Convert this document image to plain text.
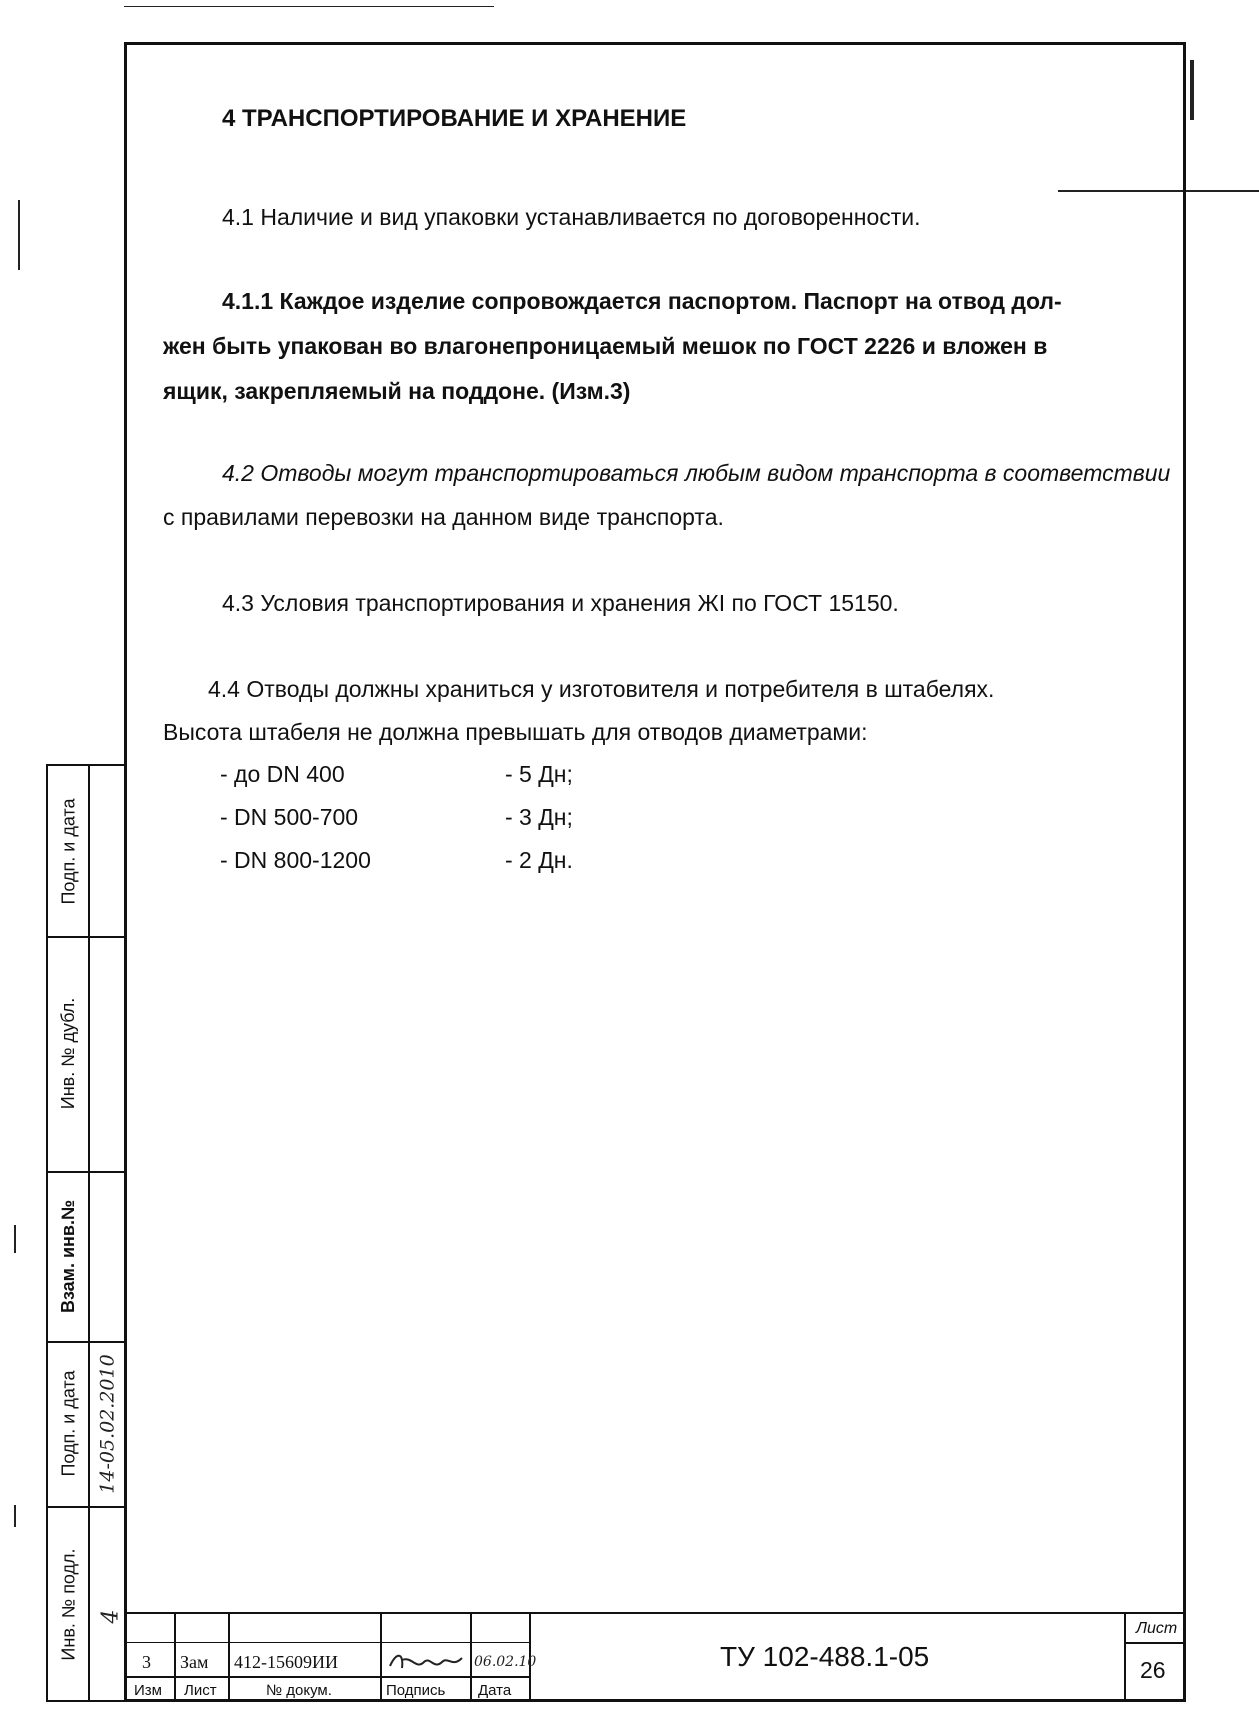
4 ТРАНСПОРТИРОВАНИЕ И ХРАНЕНИЕ
4.1 Наличие и вид упаковки устанавливается по договоренности.
4.1.1 Каждое изделие сопровождается паспортом. Паспорт на отвод дол-
жен быть упакован во влагонепроницаемый мешок по ГОСТ 2226 и вложен в
ящик, закрепляемый на поддоне. (Изм.3)
4.2 Отводы могут транспортироваться любым видом транспорта в соответствии
с правилами перевозки на данном виде транспорта.
4.3 Условия транспортирования и хранения ЖI по ГОСТ 15150.
4.4 Отводы должны храниться у изготовителя и потребителя в штабелях.
Высота штабеля не должна превышать для отводов диаметрами:
- до DN 400	- 5 Дн;
- DN 500-700	- 3 Дн;
- DN 800-1200	- 2 Дн.
Подп. и дата
Инв. № дубл.
Взам. инв.№
Подп. и дата
Инв. № подл.
14-05.02.2010
4
3 Зам 412-15609ИИ	06.02.10
Изм Лист	№ докум.	Подпись Дата
ТУ 102-488.1-05
Лист
26
